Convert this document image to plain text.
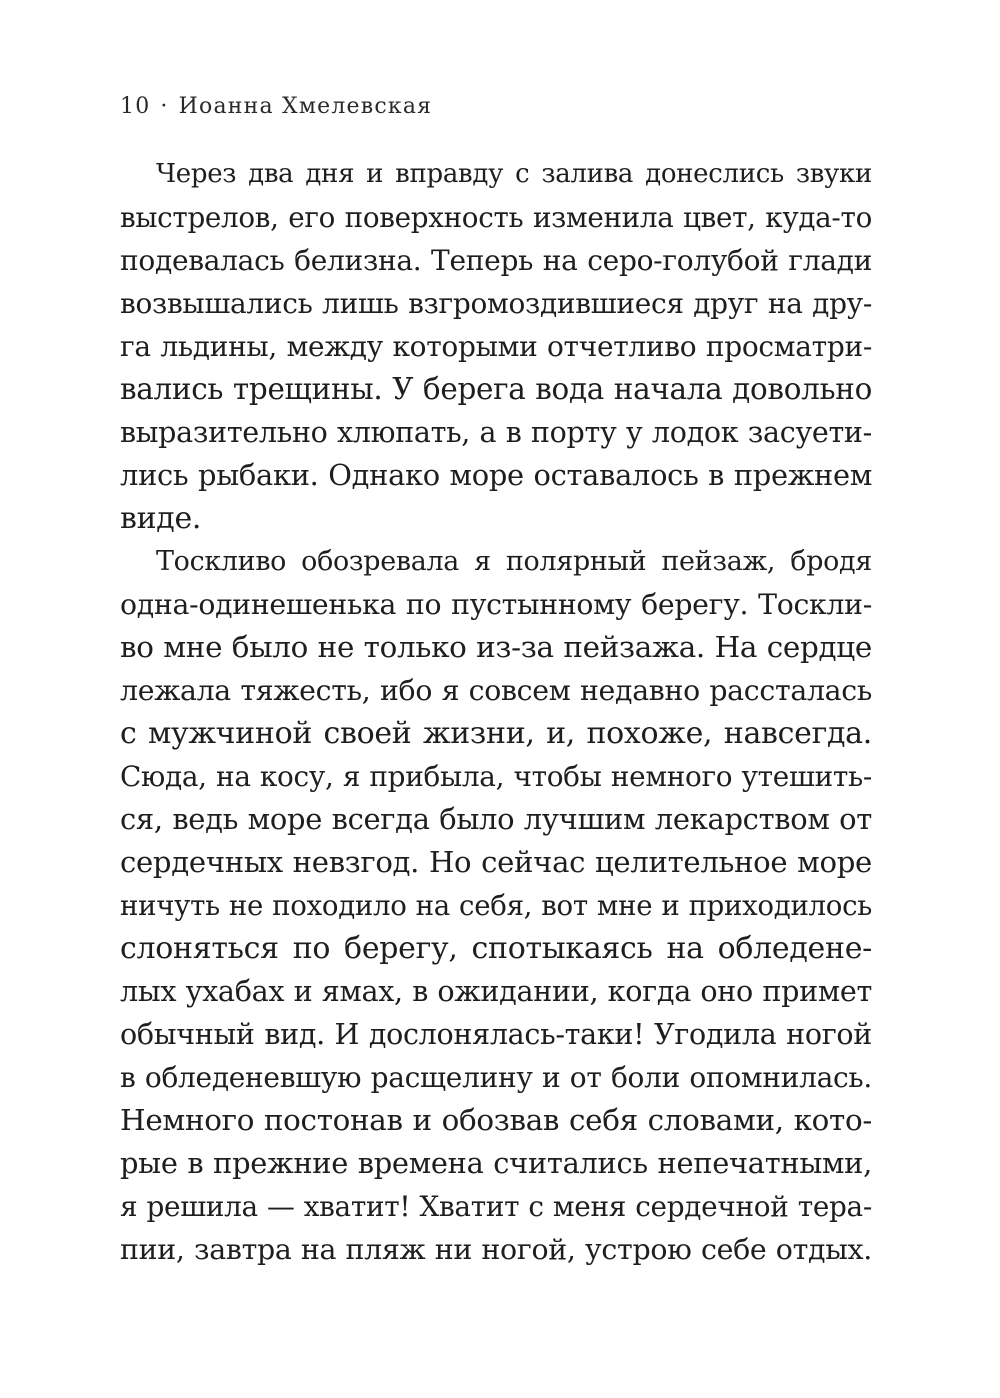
10 · Иоанна Хмелевская

Через два дня и вправду с залива донеслись звуки
выстрелов, его поверхность изменила цвет, куда-то
подевалась белизна. Теперь на серо-голубой глади
возвышались лишь взгромоздившиеся друг на дру-
га льдины, между которыми отчетливо просматри-
вались трещины. У берега вода начала довольно
выразительно хлюпать, а в порту у лодок засуети-
лись рыбаки. Однако море оставалось в прежнем
виде.

Тоскливо обозревала я полярный пейзаж, бродя
одна-одинешенька по пустынному берегу. Тоскли-
во мне было не только из-за пейзажа. На сердце
лежала тяжесть, ибо я совсем недавно рассталась
с мужчиной своей жизни, и, похоже, навсегда.
Сюда, на косу, я прибыла, чтобы немного утешить-
ся, ведь море всегда было лучшим лекарством от
сердечных невзгод. Но сейчас целительное море
ничуть не походило на себя, вот мне и приходилось
слоняться по берегу, спотыкаясь на обледене-
лых ухабах и ямах, в ожидании, когда оно примет
обычный вид. И дослонялась-таки! Угодила ногой
в обледеневшую расщелину и от боли опомнилась.
Немного постонав и обозвав себя словами, кото-
рые в прежние времена считались непечатными,
я решила — хватит! Хватит с меня сердечной тера-
пии, завтра на пляж ни ногой, устрою себе отдых.
